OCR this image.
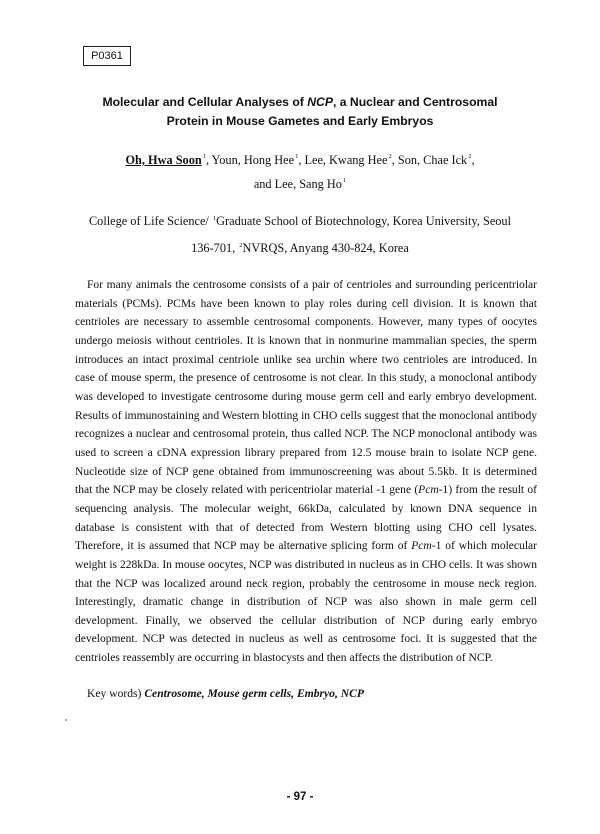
P0361
Molecular and Cellular Analyses of NCP, a Nuclear and Centrosomal
Protein in Mouse Gametes and Early Embryos
Oh, Hwa Soon$^1$, Youn, Hong Hee$^1$, Lee, Kwang Hee$^2$, Son, Chae Ick$^2$,
and Lee, Sang Ho$^1$
College of Life Science/ $^1$Graduate School of Biotechnology, Korea University, Seoul
136-701, $^2$NVRQS, Anyang 430-824, Korea

For many animals the centrosome consists of a pair of centrioles and surrounding pericentriolar materials (PCMs). PCMs have been known to play roles during cell division. It is known that centrioles are necessary to assemble centrosomal components. However, many types of oocytes undergo meiosis without centrioles. It is known that in nonmurine mammalian species, the sperm introduces an intact proximal centriole unlike sea urchin where two centrioles are introduced. In case of mouse sperm, the presence of centrosome is not clear. In this study, a monoclonal antibody was developed to investigate centrosome during mouse germ cell and early embryo development. Results of immunostaining and Western blotting in CHO cells suggest that the monoclonal antibody recognizes a nuclear and centrosomal protein, thus called NCP. The NCP monoclonal antibody was used to screen a cDNA expression library prepared from 12.5 mouse brain to isolate NCP gene. Nucleotide size of NCP gene obtained from immunoscreening was about 5.5kb. It is determined that the NCP may be closely related with pericentriolar material -1 gene (Pcm-1) from the result of sequencing analysis. The molecular weight, 66kDa, calculated by known DNA sequence in database is consistent with that of detected from Western blotting using CHO cell lysates. Therefore, it is assumed that NCP may be alternative splicing form of Pcm-1 of which molecular weight is 228kDa. In mouse oocytes, NCP was distributed in nucleus as in CHO cells. It was shown that the NCP was localized around neck region, probably the centrosome in mouse neck region. Interestingly, dramatic change in distribution of NCP was also shown in male germ cell development. Finally, we observed the cellular distribution of NCP during early embryo development. NCP was detected in nucleus as well as centrosome foci. It is suggested that the centrioles reassembly are occurring in blastocysts and then affects the distribution of NCP.

Key words) Centrosome, Mouse germ cells, Embryo, NCP
- 97 -
